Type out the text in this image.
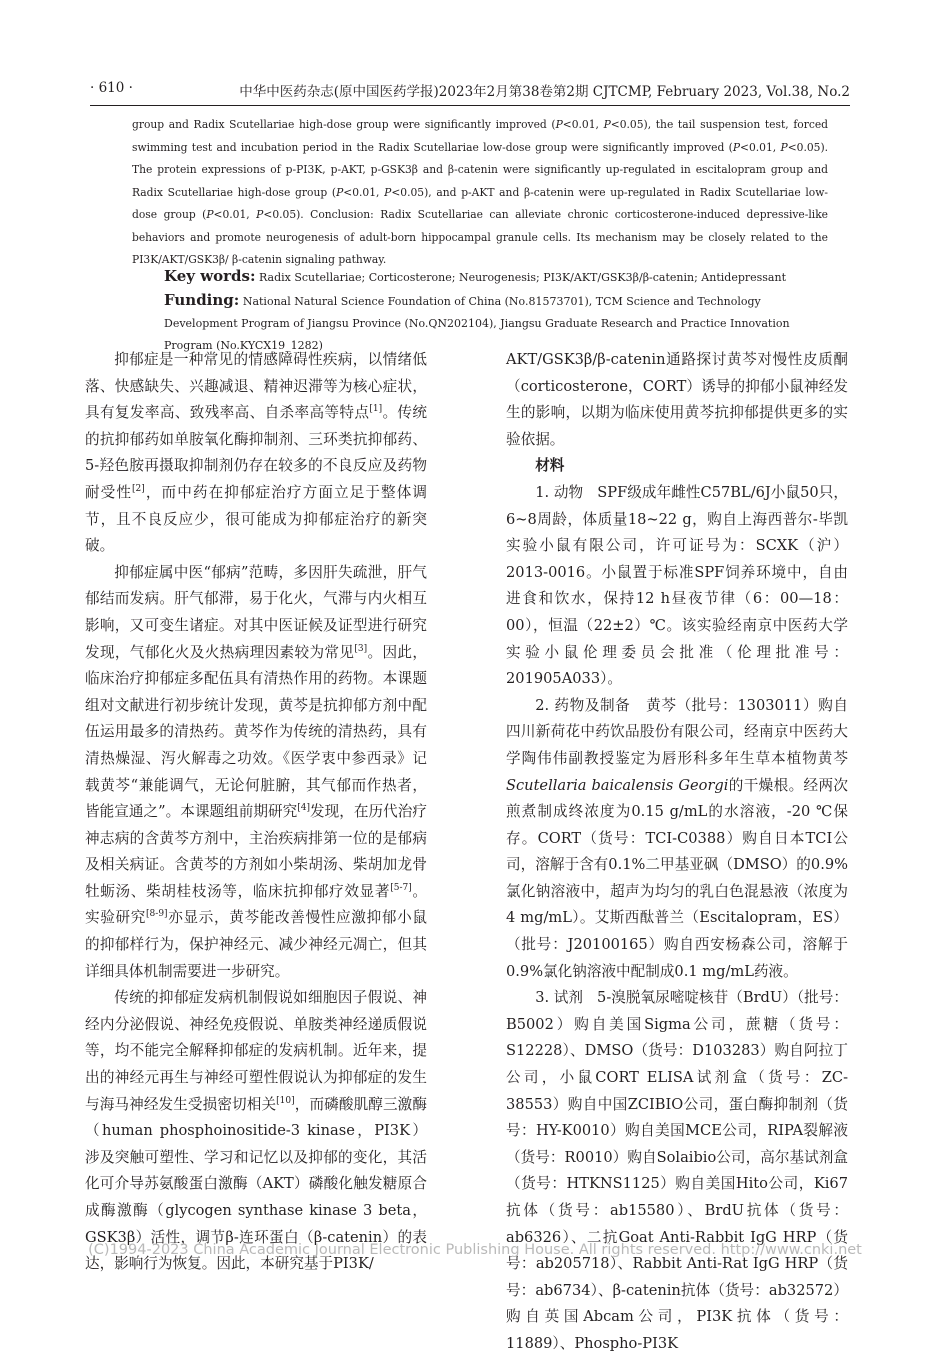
· 610 ·	中华中医药杂志(原中国医药学报)2023年2月第38卷第2期 CJTCMP, February 2023, Vol.38, No.2
group and Radix Scutellariae high-dose group were significantly improved (P<0.01, P<0.05), the tail suspension test, forced swimming test and incubation period in the Radix Scutellariae low-dose group were significantly improved (P<0.01, P<0.05). The protein expressions of p-PI3K, p-AKT, p-GSK3β and β-catenin were significantly up-regulated in escitalopram group and Radix Scutellariae high-dose group (P<0.01, P<0.05), and p-AKT and β-catenin were up-regulated in Radix Scutellariae low-dose group (P<0.01, P<0.05). Conclusion: Radix Scutellariae can alleviate chronic corticosterone-induced depressive-like behaviors and promote neurogenesis of adult-born hippocampal granule cells. Its mechanism may be closely related to the PI3K/AKT/GSK3β/ β-catenin signaling pathway.
Key words: Radix Scutellariae; Corticosterone; Neurogenesis; PI3K/AKT/GSK3β/β-catenin; Antidepressant
Funding: National Natural Science Foundation of China (No.81573701), TCM Science and Technology Development Program of Jiangsu Province (No.QN202104), Jiangsu Graduate Research and Practice Innovation Program (No.KYCX19_1282)

抑郁症是一种常见的情感障碍性疾病，以情绪低落、快感缺失、兴趣减退、精神迟滞等为核心症状，具有复发率高、致残率高、自杀率高等特点[1]。传统的抗抑郁药如单胺氧化酶抑制剂、三环类抗抑郁药、5-羟色胺再摄取抑制剂仍存在较多的不良反应及药物耐受性[2]，而中药在抑郁症治疗方面立足于整体调节，且不良反应少，很可能成为抑郁症治疗的新突破。

抑郁症属中医“郁病”范畴，多因肝失疏泄，肝气郁结而发病。肝气郁滞，易于化火，气滞与内火相互影响，又可变生诸症。对其中医证候及证型进行研究发现，气郁化火及火热病理因素较为常见[3]。因此，临床治疗抑郁症多配伍具有清热作用的药物。本课题组对文献进行初步统计发现，黄芩是抗抑郁方剂中配伍运用最多的清热药。黄芩作为传统的清热药，具有清热燥湿、泻火解毒之功效。《医学衷中参西录》记载黄芩“兼能调气，无论何脏腑，其气郁而作热者，皆能宣通之”。本课题组前期研究[4]发现，在历代治疗神志病的含黄芩方剂中，主治疾病排第一位的是郁病及相关病证。含黄芩的方剂如小柴胡汤、柴胡加龙骨牡蛎汤、柴胡桂枝汤等，临床抗抑郁疗效显著[5-7]。实验研究[8-9]亦显示，黄芩能改善慢性应激抑郁小鼠的抑郁样行为，保护神经元、减少神经元凋亡，但其详细具体机制需要进一步研究。

传统的抑郁症发病机制假说如细胞因子假说、神经内分泌假说、神经免疫假说、单胺类神经递质假说等，均不能完全解释抑郁症的发病机制。近年来，提出的神经元再生与神经可塑性假说认为抑郁症的发生与海马神经发生受损密切相关[10]，而磷酸肌醇三激酶（human phosphoinositide-3 kinase，PI3K）涉及突触可塑性、学习和记忆以及抑郁的变化，其活化可介导苏氨酸蛋白激酶（AKT）磷酸化触发糖原合成酶激酶（glycogen synthase kinase 3 beta，GSK3β）活性，调节β-连环蛋白（β-catenin）的表达，影响行为恢复。因此，本研究基于PI3K/

AKT/GSK3β/β-catenin通路探讨黄芩对慢性皮质酮（corticosterone，CORT）诱导的抑郁小鼠神经发生的影响，以期为临床使用黄芩抗抑郁提供更多的实验依据。

材料

1. 动物 SPF级成年雌性C57BL/6J小鼠50只，6~8周龄，体质量18~22 g，购自上海西普尔-毕凯实验小鼠有限公司，许可证号为：SCXK（沪）2013-0016。小鼠置于标准SPF饲养环境中，自由进食和饮水，保持12 h昼夜节律（6：00—18：00），恒温（22±2）℃。该实验经南京中医药大学实验小鼠伦理委员会批准（伦理批准号：201905A033）。

2. 药物及制备 黄芩（批号：1303011）购自四川新荷花中药饮品股份有限公司，经南京中医药大学陶伟伟副教授鉴定为唇形科多年生草本植物黄芩Scutellaria baicalensis Georgi的干燥根。经两次煎煮制成终浓度为0.15 g/mL的水溶液，-20 ℃保存。CORT（货号：TCI-C0388）购自日本TCI公司，溶解于含有0.1%二甲基亚砜（DMSO）的0.9%氯化钠溶液中，超声为均匀的乳白色混悬液（浓度为4 mg/mL）。艾斯西酞普兰（Escitalopram，ES）（批号：J20100165）购自西安杨森公司，溶解于0.9%氯化钠溶液中配制成0.1 mg/mL药液。

3. 试剂 5-溴脱氧尿嘧啶核苷（BrdU）（批号：B5002）购自美国Sigma公司，蔗糖（货号：S12228）、DMSO（货号：D103283）购自阿拉丁公司，小鼠CORT ELISA试剂盒（货号：ZC-38553）购自中国ZCIBIO公司，蛋白酶抑制剂（货号：HY-K0010）购自美国MCE公司，RIPA裂解液（货号：R0010）购自Solaibio公司，高尔基试剂盒（货号：HTKNS1125）购自美国Hito公司，Ki67抗体（货号：ab15580）、BrdU抗体（货号：ab6326）、二抗Goat Anti-Rabbit IgG HRP（货号：ab205718）、Rabbit Anti-Rat IgG HRP（货号：ab6734）、β-catenin抗体（货号：ab32572）购自英国Abcam公司，PI3K抗体（货号：11889）、Phospho-PI3K

(C)1994-2023 China Academic Journal Electronic Publishing House. All rights reserved. http://www.cnki.net
